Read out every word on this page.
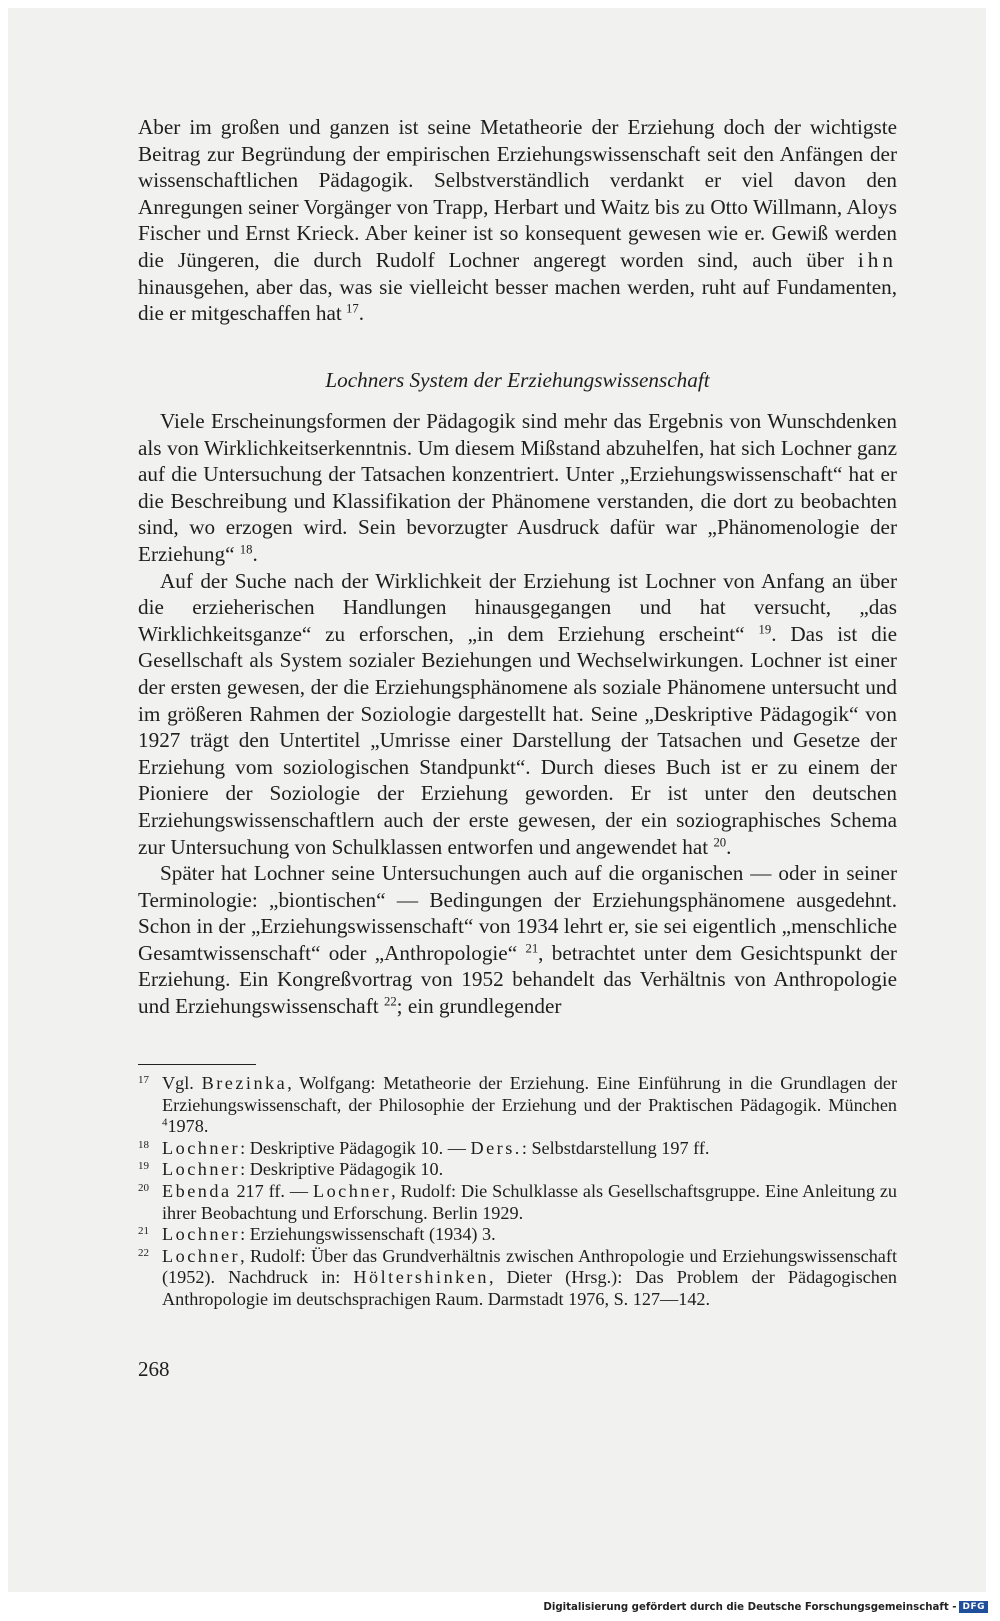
Aber im großen und ganzen ist seine Metatheorie der Erziehung doch der wichtigste Beitrag zur Begründung der empirischen Erziehungswissenschaft seit den Anfängen der wissenschaftlichen Pädagogik. Selbstverständlich verdankt er viel davon den Anregungen seiner Vorgänger von Trapp, Herbart und Waitz bis zu Otto Willmann, Aloys Fischer und Ernst Krieck. Aber keiner ist so konsequent gewesen wie er. Gewiß werden die Jüngeren, die durch Rudolf Lochner angeregt worden sind, auch über ihn hinausgehen, aber das, was sie vielleicht besser machen werden, ruht auf Fundamenten, die er mitgeschaffen hat  $^{17}$.

Lochners System der Erziehungswissenschaft

Viele Erscheinungsformen der Pädagogik sind mehr das Ergebnis von Wunschdenken als von Wirklichkeitserkenntnis. Um diesem Mißstand abzuhelfen, hat sich Lochner ganz auf die Untersuchung der Tatsachen konzentriert. Unter „Erziehungswissenschaft“ hat er die Beschreibung und Klassifikation der Phänomene verstanden, die dort zu beobachten sind, wo erzogen wird. Sein bevorzugter Ausdruck dafür war „Phänomenologie der Erziehung“ $^{18}$.

Auf der Suche nach der Wirklichkeit der Erziehung ist Lochner von Anfang an über die erzieherischen Handlungen hinausgegangen und hat versucht, „das Wirklichkeitsganze“ zu erforschen, „in dem Erziehung erscheint“ $^{19}$. Das ist die Gesellschaft als System sozialer Beziehungen und Wechselwirkungen. Lochner ist einer der ersten gewesen, der die Erziehungsphänomene als soziale Phänomene untersucht und im größeren Rahmen der Soziologie dargestellt hat. Seine „Deskriptive Pädagogik“ von 1927 trägt den Untertitel „Umrisse einer Darstellung der Tatsachen und Gesetze der Erziehung vom soziologischen Standpunkt“. Durch dieses Buch ist er zu einem der Pioniere der Soziologie der Erziehung geworden. Er ist unter den deutschen Erziehungswissenschaftlern auch der erste gewesen, der ein soziographisches Schema zur Untersuchung von Schulklassen entworfen und angewendet hat $^{20}$.

Später hat Lochner seine Untersuchungen auch auf die organischen — oder in seiner Terminologie: „biontischen“ — Bedingungen der Erziehungsphänomene ausgedehnt. Schon in der „Erziehungswissenschaft“ von 1934 lehrt er, sie sei eigentlich „menschliche Gesamtwissenschaft“ oder „Anthropologie“ $^{21}$, betrachtet unter dem Gesichtspunkt der Erziehung. Ein Kongreßvortrag von 1952 behandelt das Verhältnis von Anthropologie und Erziehungswissenschaft $^{22}$; ein grundlegender

17 Vgl. Brezinka, Wolfgang: Metatheorie der Erziehung. Eine Einführung in die Grundlagen der Erziehungswissenschaft, der Philosophie der Erziehung und der Praktischen Pädagogik. München $^4$1978.
18 Lochner: Deskriptive Pädagogik 10. — Ders.: Selbstdarstellung 197 ff.
19 Lochner: Deskriptive Pädagogik 10.
20 Ebenda 217 ff. — Lochner, Rudolf: Die Schulklasse als Gesellschaftsgruppe. Eine Anleitung zu ihrer Beobachtung und Erforschung. Berlin 1929.
21 Lochner: Erziehungswissenschaft (1934) 3.
22 Lochner, Rudolf: Über das Grundverhältnis zwischen Anthropologie und Erziehungswissenschaft (1952). Nachdruck in: Höltershinken, Dieter (Hrsg.): Das Problem der Pädagogischen Anthropologie im deutschsprachigen Raum. Darmstadt 1976, S. 127—142.
268
Digitalisierung gefördert durch die Deutsche Forschungsgemeinschaft - DFG
